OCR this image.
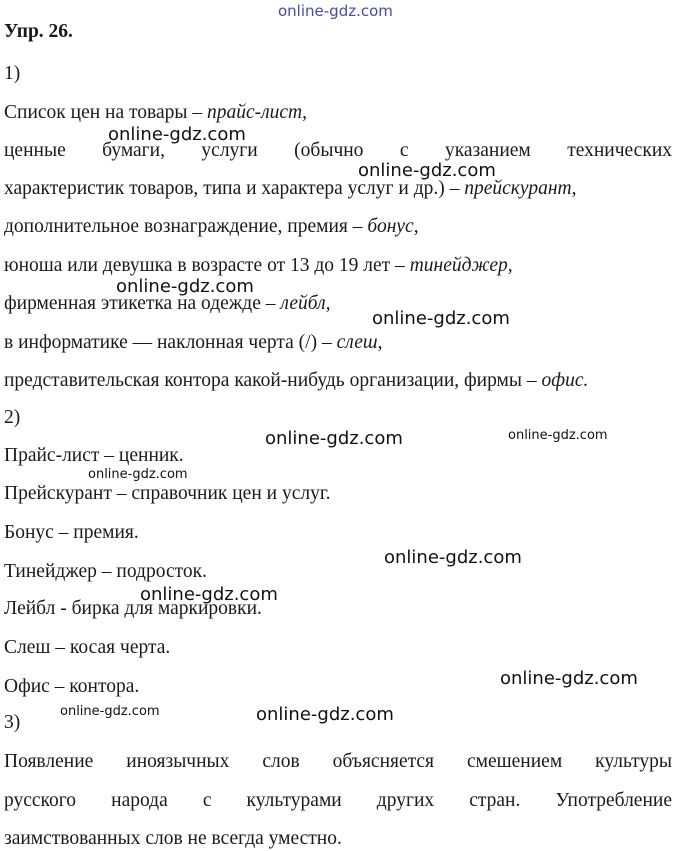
online-gdz.com
online-gdz.com
online-gdz.com
online-gdz.com
online-gdz.com
online-gdz.com	online-gdz.com
online-gdz.com
online-gdz.com
online-gdz.com
online-gdz.com
online-gdz.com	online-gdz.com
Упр. 26.
1)
Список цен на товары – прайс-лист,
ценные бумаги, услуги (обычно с указанием технических
характеристик товаров, типа и характера услуг и др.) – прейскурант,
дополнительное вознаграждение, премия – бонус,
юноша или девушка в возрасте от 13 до 19 лет – тинейджер,
фирменная этикетка на одежде – лейбл,
в информатике — наклонная черта (/) – слеш,
представительская контора какой-нибудь организации, фирмы – офис.
2)
Прайс-лист – ценник.
Прейскурант – справочник цен и услуг.
Бонус – премия.
Тинейджер – подросток.
Лейбл - бирка для маркировки.
Слеш – косая черта.
Офис – контора.
3)
Появление иноязычных слов объясняется смешением культуры
русского народа с культурами других стран. Употребление
заимствованных слов не всегда уместно.
